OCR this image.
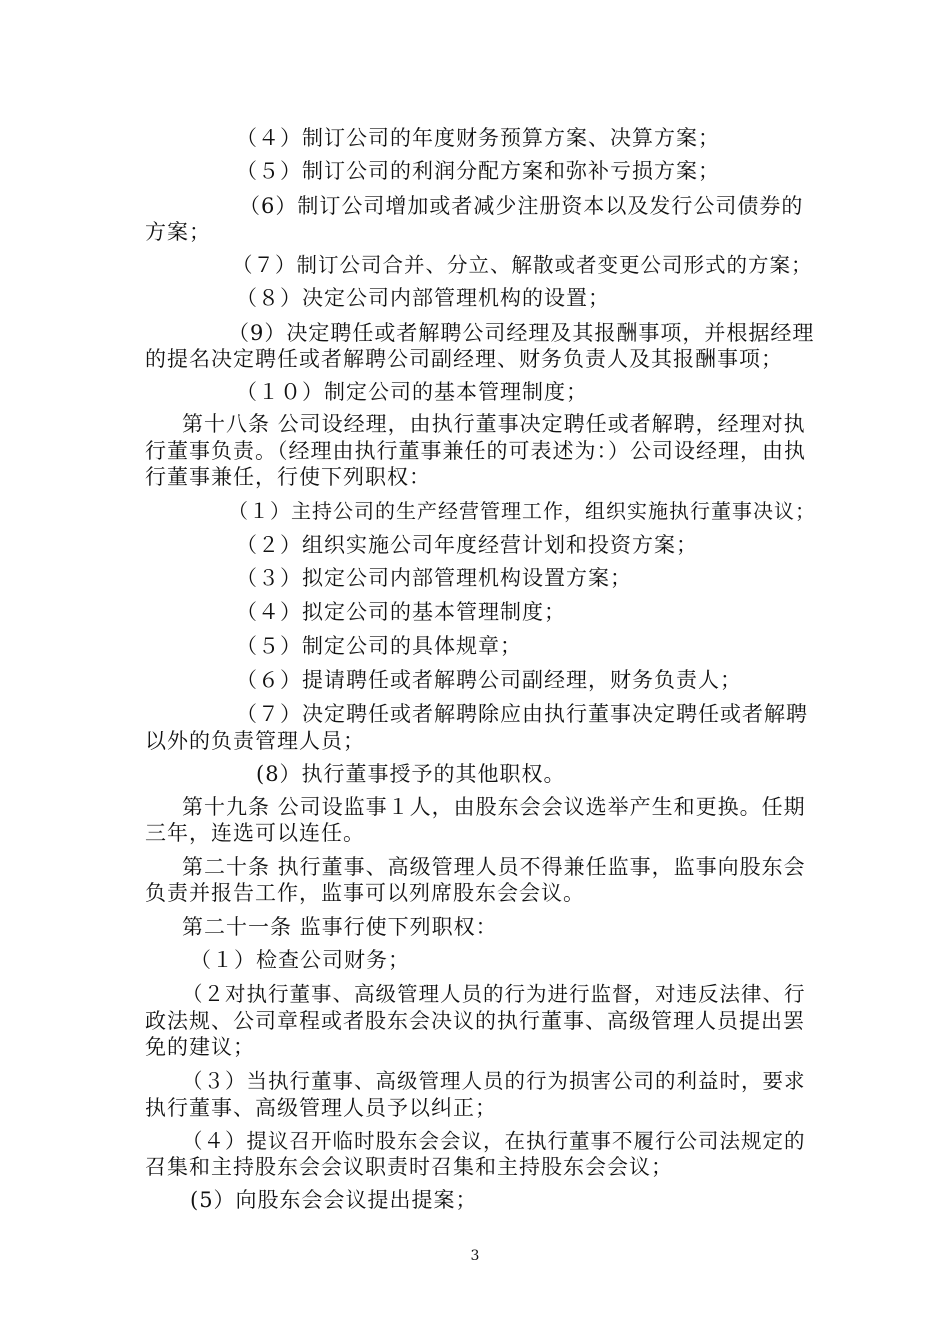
（４）制订公司的年度财务预算方案、决算方案；
（５）制订公司的利润分配方案和弥补亏损方案；
（6）制订公司增加或者减少注册资本以及发行公司债券的
方案；
（７）制订公司合并、分立、解散或者变更公司形式的方案；
（８）决定公司内部管理机构的设置；
（9）决定聘任或者解聘公司经理及其报酬事项，并根据经理
的提名决定聘任或者解聘公司副经理、财务负责人及其报酬事项；
（１０）制定公司的基本管理制度；
第十八条 公司设经理，由执行董事决定聘任或者解聘，经理对执
行董事负责。（经理由执行董事兼任的可表述为：）公司设经理，由执
行董事兼任，行使下列职权：
（１）主持公司的生产经营管理工作，组织实施执行董事决议；
（２）组织实施公司年度经营计划和投资方案；
（３）拟定公司内部管理机构设置方案；
（４）拟定公司的基本管理制度；
（５）制定公司的具体规章；
（６）提请聘任或者解聘公司副经理，财务负责人；
（７）决定聘任或者解聘除应由执行董事决定聘任或者解聘
以外的负责管理人员；
(8）执行董事授予的其他职权。
第十九条 公司设监事１人，由股东会会议选举产生和更换。任期
三年，连选可以连任。
第二十条 执行董事、高级管理人员不得兼任监事，监事向股东会
负责并报告工作，监事可以列席股东会会议。
第二十一条 监事行使下列职权：
（１）检查公司财务；
（２对执行董事、高级管理人员的行为进行监督，对违反法律、行
政法规、公司章程或者股东会决议的执行董事、高级管理人员提出罢
免的建议；
（３）当执行董事、高级管理人员的行为损害公司的利益时，要求
执行董事、高级管理人员予以纠正；
（４）提议召开临时股东会会议，在执行董事不履行公司法规定的
召集和主持股东会会议职责时召集和主持股东会会议；
(5）向股东会会议提出提案；
3
